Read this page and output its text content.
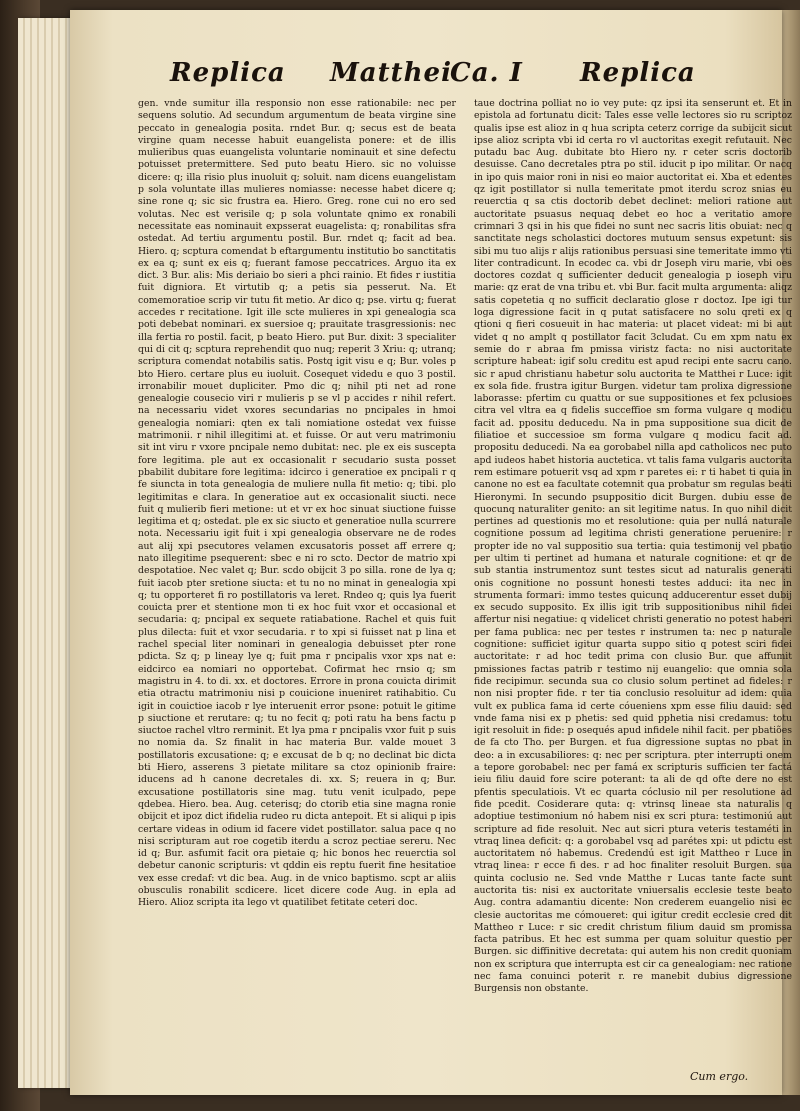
Replica Matthei
Ca. I Replica

gen. vnde sumitur illa responsio non esse rationabile: nec per sequens solutio. Ad secundum argumentum de beata virgine sine peccato in genealogia posita. rndet Bur. q; secus est de beata virgine quam necesse habuit euangelista ponere: et de illis mulieribus quas euangelista voluntarie nominauit et sine defectu potuisset pretermittere. Sed puto beatu Hiero. sic no voluisse dicere: q; illa risio plus inuoluit q; soluit. nam dicens euangelistam p sola voluntate illas mulieres nomiasse: necesse habet dicere q; sine rone q; sic sic frustra ea. Hiero. Greg. rone cui no ero sed volutas. Nec est verisile q; p sola voluntate qnimo ex ronabili necessitate eas nominauit expsserat euagelista: q; ronabilitas sfra ostedat. Ad tertiu argumentu postil. Bur. rndet q; facit ad bea. Hiero. q; scptura comendat b eftargumentu institutio bo sanctitatis ex ea q; sunt ex eis q; fuerant famose peccatrices. Arguo ita ex dict. 3 Bur. alis: Mis deriaio bo sieri a phci rainio. Et fides r iustitia fuit digniora. Et virtutib q; a petis sia pesserut. Na. Et comemoratioe scrip vir tutu fit metio. Ar dico q; pse. virtu q; fuerat accedes r recitatione. Igit ille scte mulieres in xpi genealogia sca poti debebat nominari. ex suersioe q; prauitate trasgressionis: nec illa fertia ro postil. facit, p beato Hiero. put Bur. dixit: 3 specialiter qui di cit q; scptura reprehendit quo nuq; reperit 3 Xriu: q; utranq; scriptura comendat notabilis satis. Postq igit visu e q; Bur. voles p bto Hiero. certare plus eu iuoluit. Cosequet videdu e quo 3 postil. irronabilir mouet dupliciter. Pmo dic q; nihil pti net ad rone genealogie cousecio viri r mulieris p se vl p accides r nihil refert. na necessariu videt vxores secundarias no pncipales in hmoi genealogia nomiari: qten ex tali nomiatione ostedat vex fuisse matrimonii. r nihil illegitimi at. et fuisse. Or aut veru matrimoniu sit int viru r vxore pncipale nemo dubitat: nec. ple ex eis suscepta fore legitima. ple aut ex occasionalit r secudario susta posset pbabilit dubitare fore legitima: idcirco i generatioe ex pncipali r q fe siuncta in tota genealogia de muliere nulla fit metio: q; tibi. plo legitimitas e clara. In generatioe aut ex occasionalit siucti. nece fuit q mulierib fieri metione: ut et vr ex hoc sinuat siuctione fuisse legitima et q; ostedat. ple ex sic siucto et generatioe nulla scurrere nota. Necessariu igit fuit i xpi genealogia observare ne de rodes aut alij xpi psecutores velamen excusatoris posset aff errere q; nato illegitime psequerent: sbec e ni ro scto. Dector de matrio xpi despotatioe. Nec valet q; Bur. scdo obijcit 3 po silla. rone de lya q; fuit iacob pter sretione siucta: et tu no no minat in genealogia xpi q; tu opporteret fi ro postillatoris va leret. Rndeo q; quis lya fuerit couicta prer et stentione mon ti ex hoc fuit vxor et occasional et secudaria: q; pncipal ex sequete ratiabatione. Rachel et quis fuit plus dilecta: fuit et vxor secudaria. r to xpi si fuisset nat p lina et rachel special liter nominari in genealogia debuisset pter rone pdicta. Sz q; p lineay lye q; fuit pma r pncipalis vxor xps nat e: eidcirco ea nomiari no opportebat. Cofirmat hec rnsio q; sm magistru in 4. to di. xx. et doctores. Errore in prona couicta dirimit etia otractu matrimoniu nisi p couicione inueniret ratihabitio. Cu igit in couictioe iacob r lye interuenit error psone: potuit le gitime p siuctione et rerutare: q; tu no fecit q; poti ratu ha bens factu p siuctoe rachel vltro rerminit. Et lya pma r pncipalis vxor fuit p suis no nomia da. Sz finalit in hac materia Bur. valde mouet 3 postillatoris excusatione: q; e excusat de b q; no declinat bic dicta bti Hiero, asserens 3 pietate militare sa ctoz opinionib fraire: iducens ad h canone decretales di. xx. S; reuera in q; Bur. excusatione postillatoris sine mag. tutu venit iculpado, pepe qdebea. Hiero. bea. Aug. ceterisq; do ctorib etia sine magna ronie obijcit et ipoz dict ifidelia rudeo ru dicta antepoit. Et si aliqui p ipis certare videas in odium id facere videt postillator. salua pace q no nisi scripturam aut roe cogetib iterdu a scroz pectiae sereru. Nec id q; Bur. asfumit facit ora pietaie q; hic bonos hec reuerctia sol debetur canonic scripturis: vt qddin eis reptu fuerit fine hesitatioe vex esse credaf: vt dic bea. Aug. in de vnico baptismo. scpt ar aliis obusculis ronabilit scdicere. licet dicere code Aug. in epla ad Hiero. Alioz scripta ita lego vt quatilibet fetitate ceteri doc.

taue doctrina polliat no io vey pute: qz ipsi ita senserunt et. Et in epistola ad fortunatu dicit: Tales esse velle lectores sio ru scriptoz qualis ipse est alioz in q hua scripta ceterz corrige da subijcit sicut ipse alioz scripta vbi id certa ro vl auctoritas exegit refutauit. Nec putadu bac Aug. dubitate bto Hiero ny. r ceter scris doctorib desuisse. Cano decretales ptra po stil. iducit p ipo militar. Or nacq in ipo quis maior roni in nisi eo maior auctoritat ei. Xba et edentes qz igit postillator si nulla temeritate pmot iterdu scroz snias eu reuerctia q sa ctis doctorib debet declinet: meliori ratione aut auctoritate psuasus nequaq debet eo hoc a veritatio amore crimnari 3 qsi in his que fidei no sunt nec sacris litis obuiat: nec q sanctitate negs scholastici doctores mutuum sensus expetunt: sis sibi mu tuo alijs r alijs rationibus persuasi sine temeritate immo vti liter contradicunt. In ecodec ca. vbi dr Joseph viru marie, vbi oes doctores cozdat q sufficienter deducit genealogia p ioseph viru marie: qz erat de vna tribu et. vbi Bur. facit multa argumenta: aliqz satis copetetia q no sufficit declaratio glose r doctoz. Ipe igi tur loga digressione facit in q putat satisfacere no solu qreti ex q qtioni q fieri cosueuit in hac materia: ut placet videat: mi bi aut videt q no amplt q postillator facit 3cludat. Cu em xpm natu ex semie do r abraa fm pmissa viristz facta: no nisi auctoritate scripture habeat: igif solu creditu est apud recipi ente sacru cano. sic r apud christianu habetur solu auctorita te Matthei r Luce: igit ex sola fide. frustra igitur Burgen. videtur tam prolixa digressione laborasse: pfertim cu quattu or sue suppositiones et fex pclusioes citra vel vltra ea q fidelis succeffioe sm forma vulgare q modicu facit ad. ppositu deducedu. Na in pma suppositione sua dicit de filiatioe et successioe sm forma vulgare q modicu facit ad. propositu deducedi. Na ea gorobabel nilla apd catholicos nec puto apd iudeos habet historia auctetica. vt talis fama vulgaris auctorita rem estimare potuerit vsq ad xpm r paretes ei: r ti habet ti quia in canone no est ea facultate cotemnit qua probatur sm regulas beati Hieronymi. In secundo psuppositio dicit Burgen. dubiu esse de quocunq naturaliter genito: an sit legitime natus. In quo nihil dicit pertines ad questionis mo et resolutione: quia per nullá naturale cognitione possum ad legitima christi generatione peruenire: r propter ide no val suppositio sua tertia: quia testimonij vel pbatio per ultim ti pertinet ad humana et naturale cognitione: et qr de sub stantia instrumentoz sunt testes sicut ad naturalis generati onis cognitione no possunt honesti testes adduci: ita nec in strumenta formari: immo testes quicunq adducerentur esset dubij ex secudo supposito. Ex illis igit trib suppositionibus nihil fidei affertur nisi negatiue: q videlicet christi generatio no potest haberi per fama publica: nec per testes r instrumen ta: nec p naturale cognitione: sufficiet igitur quarta suppo sitio q potest sciri fidei auctoritate: r ad hoc tedit prima con clusio Bur. que affumit pmissiones factas patrib r testimo nij euangelio: que omnia sola fide recipimur. secunda sua co clusio solum pertinet ad fideles: r non nisi propter fide. r ter tia conclusio resoluitur ad idem: quia vult ex publica fama id certe cóueniens xpm esse filiu dauid: sed vnde fama nisi ex p phetis: sed quid pphetia nisi credamus: totu igit resoluit in fide: p osequés apud infidele nihil facit. per pbatiões de fa cto Tho. per Burgen. et fua digressione suptas no pbat in deo: a in excusabiliores: q: nec per scriptura. pter interrupti onem a tepore gorobabel: nec per famá ex scripturis sufficien ter factá ieiu filiu dauid fore scire poterant: ta ali de qd ofte dere no est pfentis speculatiois. Vt ec quarta cóclusio nil per resolutione ad fide pcedit. Cosiderare quta: q: vtrinsq lineae sta naturalis q adoptiue testimonium nó habem nisi ex scri ptura: testimoniú aut scripture ad fide resoluit. Nec aut sicri ptura veteris testaméti in vtraq linea deficit: q: a gorobabel vsq ad parétes xpi: ut pdictu est auctoritatem nó habemus. Credendú est igit Mattheo r Luce in vtraq linea: r ecce fi des. r ad hoc finaliter resoluit Burgen. sua quinta coclusio ne. Sed vnde Matthe r Lucas tante facte sunt auctorita tis: nisi ex auctoritate vniuersalis ecclesie teste beato Aug. contra adamantiu dicente: Non crederem euangelio nisi ec clesie auctoritas me cómoueret: qui igitur credit ecclesie cred dit Mattheo r Luce: r sic credit christum filium dauid sm promissa facta patribus. Et hec est summa per quam soluitur questio per Burgen. sic diffinitive decretata: qui autem his non credit quoniam non ex scriptura que interrupta est cir ca genealogiam: nec ratione nec fama conuinci poterit r. re manebit dubius digressione Burgensis non obstante.

Cum ergo.
